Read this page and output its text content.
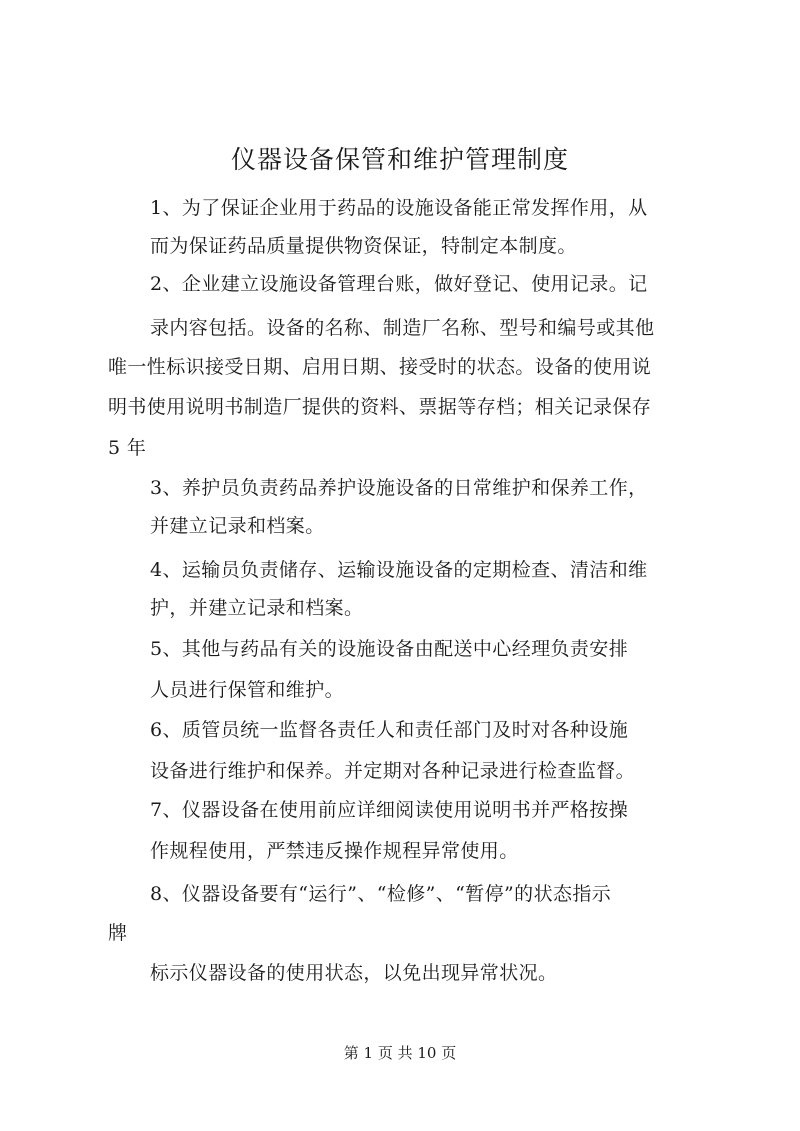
仪器设备保管和维护管理制度
1、为了保证企业用于药品的设施设备能正常发挥作用，从
而为保证药品质量提供物资保证，特制定本制度。
2、企业建立设施设备管理台账，做好登记、使用记录。记
录内容包括。设备的名称、制造厂名称、型号和编号或其他
唯一性标识接受日期、启用日期、接受时的状态。设备的使用说
明书使用说明书制造厂提供的资料、票据等存档；相关记录保存
5 年
3、养护员负责药品养护设施设备的日常维护和保养工作，
并建立记录和档案。
4、运输员负责储存、运输设施设备的定期检查、清洁和维
护，并建立记录和档案。
5、其他与药品有关的设施设备由配送中心经理负责安排
人员进行保管和维护。
6、质管员统一监督各责任人和责任部门及时对各种设施
设备进行维护和保养。并定期对各种记录进行检查监督。
7、仪器设备在使用前应详细阅读使用说明书并严格按操
作规程使用，严禁违反操作规程异常使用。
8、仪器设备要有“运行”、“检修”、“暂停”的状态指示
牌
标示仪器设备的使用状态，以免出现异常状况。
第 1 页 共 10 页
